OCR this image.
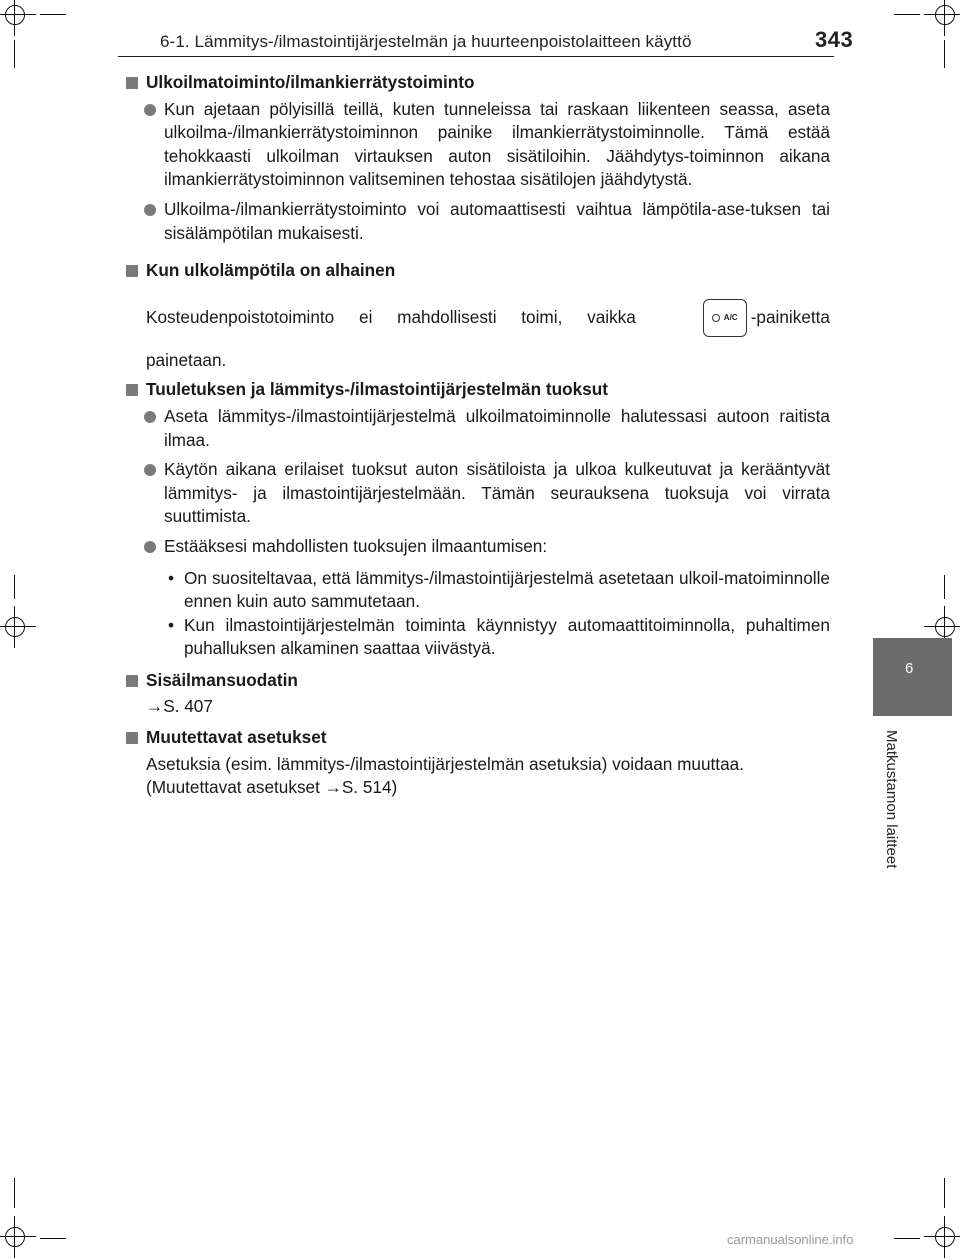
6-1. Lämmitys-/ilmastointijärjestelmän ja huurteenpoistolaitteen käyttö	343
6
Matkustamon laitteet
Ulkoilmatoiminto/ilmankierrätystoiminto
Kun ajetaan pölyisillä teillä, kuten tunneleissa tai raskaan liikenteen seassa, aseta ulkoilma-/ilmankierrätystoiminnon painike ilmankierrätystoiminnolle. Tämä estää tehokkaasti ulkoilman virtauksen auton sisätiloihin. Jäähdytys-toiminnon aikana ilmankierrätystoiminnon valitseminen tehostaa sisätilojen jäähdytystä.
Ulkoilma-/ilmankierrätystoiminto voi automaattisesti vaihtua lämpötila-ase-tuksen tai sisälämpötilan mukaisesti.
Kun ulkolämpötila on alhainen
Kosteudenpoistotoiminto ei mahdollisesti toimi, vaikka	A/C -painiketta
painetaan.
Tuuletuksen ja lämmitys-/ilmastointijärjestelmän tuoksut
Aseta lämmitys-/ilmastointijärjestelmä ulkoilmatoiminnolle halutessasi autoon raitista ilmaa.
Käytön aikana erilaiset tuoksut auton sisätiloista ja ulkoa kulkeutuvat ja kerääntyvät lämmitys- ja ilmastointijärjestelmään. Tämän seurauksena tuoksuja voi virrata suuttimista.
Estääksesi mahdollisten tuoksujen ilmaantumisen:
• On suositeltavaa, että lämmitys-/ilmastointijärjestelmä asetetaan ulkoil-matoiminnolle ennen kuin auto sammutetaan.
• Kun ilmastointijärjestelmän toiminta käynnistyy automaattitoiminnolla, puhaltimen puhalluksen alkaminen saattaa viivästyä.
Sisäilmansuodatin
→S. 407
Muutettavat asetukset
Asetuksia (esim. lämmitys-/ilmastointijärjestelmän asetuksia) voidaan muuttaa.
(Muutettavat asetukset →S. 514)
carmanualsonline.info
